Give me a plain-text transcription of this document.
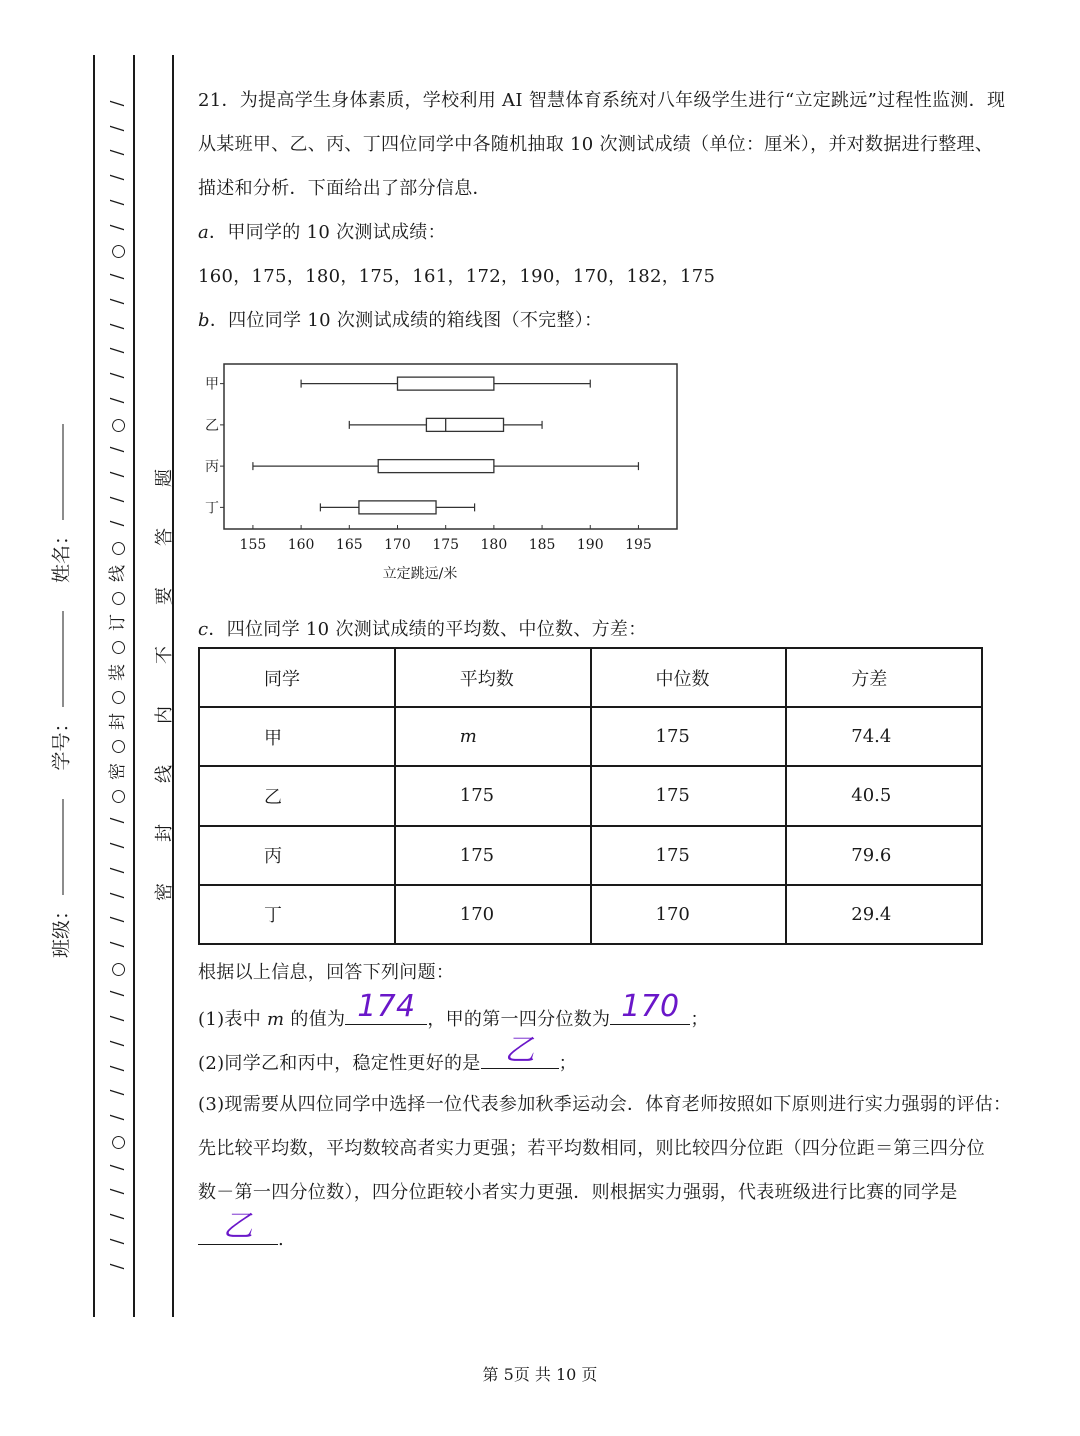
班级：
学号：
姓名：
/
/
/
/
/
/
○
/
/
/
/
/
/
○
/
/
/
/
○
线
○
订
○
装
○
封
○
密
○
/
/
/
/
/
/
○
/
/
/
/
/
/
○
/
/
/
/
/
题
答
要
不
内
线
封
密
21．为提高学生身体素质，学校利用 AI 智慧体育系统对八年级学生进行“立定跳远”过程性监测．现
从某班甲、乙、丙、丁四位同学中各随机抽取 10 次测试成绩（单位：厘米），并对数据进行整理、
描述和分析．下面给出了部分信息．
a．甲同学的 10 次测试成绩：
160，175，180，175，161，172，190，170，182，175
b．四位同学 10 次测试成绩的箱线图（不完整）：
155 160 165 170 175 180 185 190 195
甲
乙
丙
丁
立定跳远/米
c．四位同学 10 次测试成绩的平均数、中位数、方差：
同学	平均数	中位数	方差
甲	m	175	74.4
乙	175	175	40.5
丙	175	175	79.6
丁	170	170	29.4
根据以上信息，回答下列问题：
(1)表中 m 的值为 174 ，甲的第一四分位数为 170 ；
(2)同学乙和丙中，稳定性更好的是 乙	；
(3)现需要从四位同学中选择一位代表参加秋季运动会．体育老师按照如下原则进行实力强弱的评估：
先比较平均数，平均数较高者实力更强；若平均数相同，则比较四分位距（四分位距＝第三四分位
数－第一四分位数），四分位距较小者实力更强．则根据实力强弱，代表班级进行比赛的同学是
乙	.
第 5页 共 10 页
